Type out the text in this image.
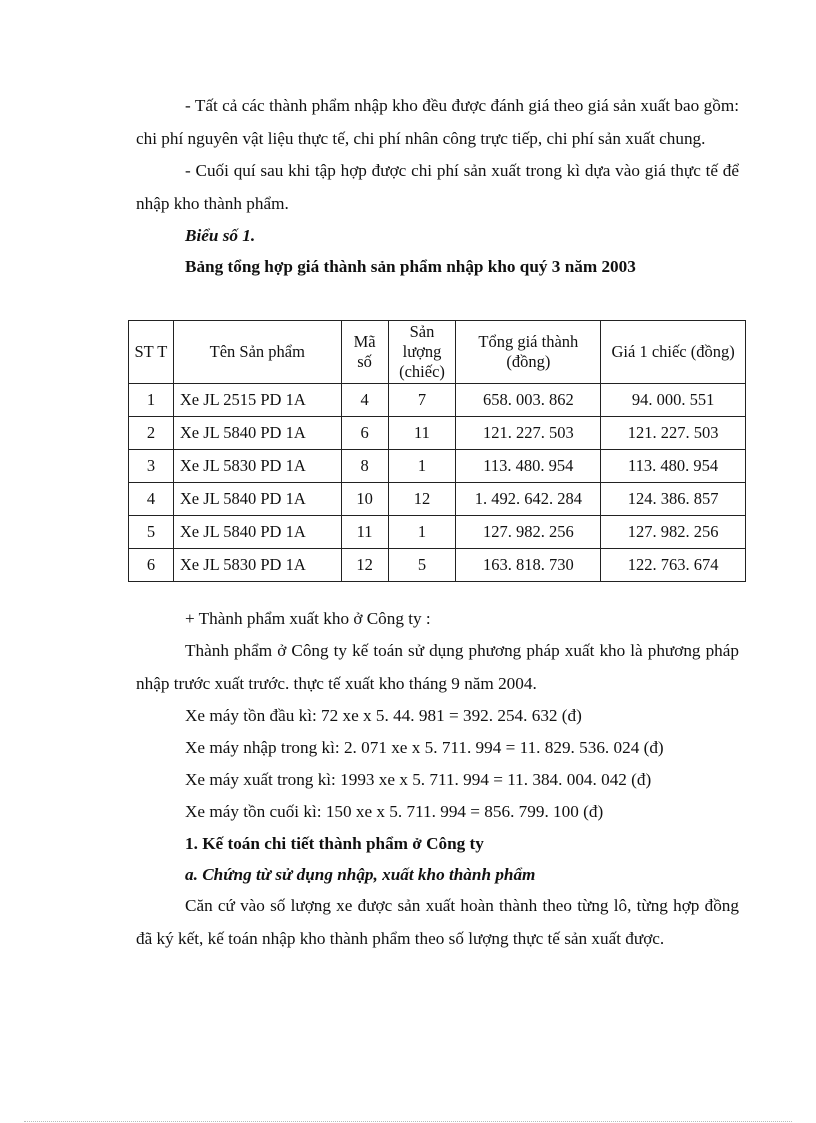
- Tất cả các thành phẩm nhập kho đều được đánh giá theo giá sản xuất bao gồm: chi phí nguyên vật liệu thực tế, chi phí nhân công trực tiếp, chi phí sản xuất chung.

- Cuối quí sau khi tập hợp được chi phí sản xuất trong kì dựa vào giá thực tế để nhập kho thành phẩm.

Biểu số 1.

Bảng tổng hợp giá thành sản phẩm nhập kho quý 3 năm 2003

ST T	Tên Sản phẩm	Mã số	Sản lượng (chiếc)	Tổng giá thành (đồng)	Giá 1 chiếc (đồng)
1	Xe JL 2515 PD 1A	4	7	658. 003. 862	94. 000. 551
2	Xe JL 5840 PD 1A	6	11	121. 227. 503	121. 227. 503
3	Xe JL 5830 PD 1A	8	1	113. 480. 954	113. 480. 954
4	Xe JL 5840 PD 1A	10	12	1. 492. 642. 284	124. 386. 857
5	Xe JL 5840 PD 1A	11	1	127. 982. 256	127. 982. 256
6	Xe JL 5830 PD 1A	12	5	163. 818. 730	122. 763. 674

+ Thành phẩm xuất kho ở Công ty :

Thành phẩm ở Công ty kế toán sử dụng phương pháp xuất kho là phương pháp nhập trước xuất trước. thực tế xuất kho tháng 9 năm 2004.

Xe máy tồn đầu kì: 72 xe x 5. 44. 981 = 392. 254. 632 (đ)

Xe máy nhập trong kì: 2. 071 xe x 5. 711. 994 = 11. 829. 536. 024 (đ)

Xe máy xuất trong kì: 1993 xe x 5. 711. 994 = 11. 384. 004. 042 (đ)

Xe máy tồn cuối kì: 150 xe x 5. 711. 994 = 856. 799. 100 (đ)

1. Kế toán chi tiết thành phẩm ở Công ty

a. Chứng từ sử dụng nhập, xuất kho thành phẩm

Căn cứ vào số lượng xe được sản xuất hoàn thành theo từng lô, từng hợp đồng đã ký kết, kế toán nhập kho thành phẩm theo số lượng thực tế sản xuất được.
